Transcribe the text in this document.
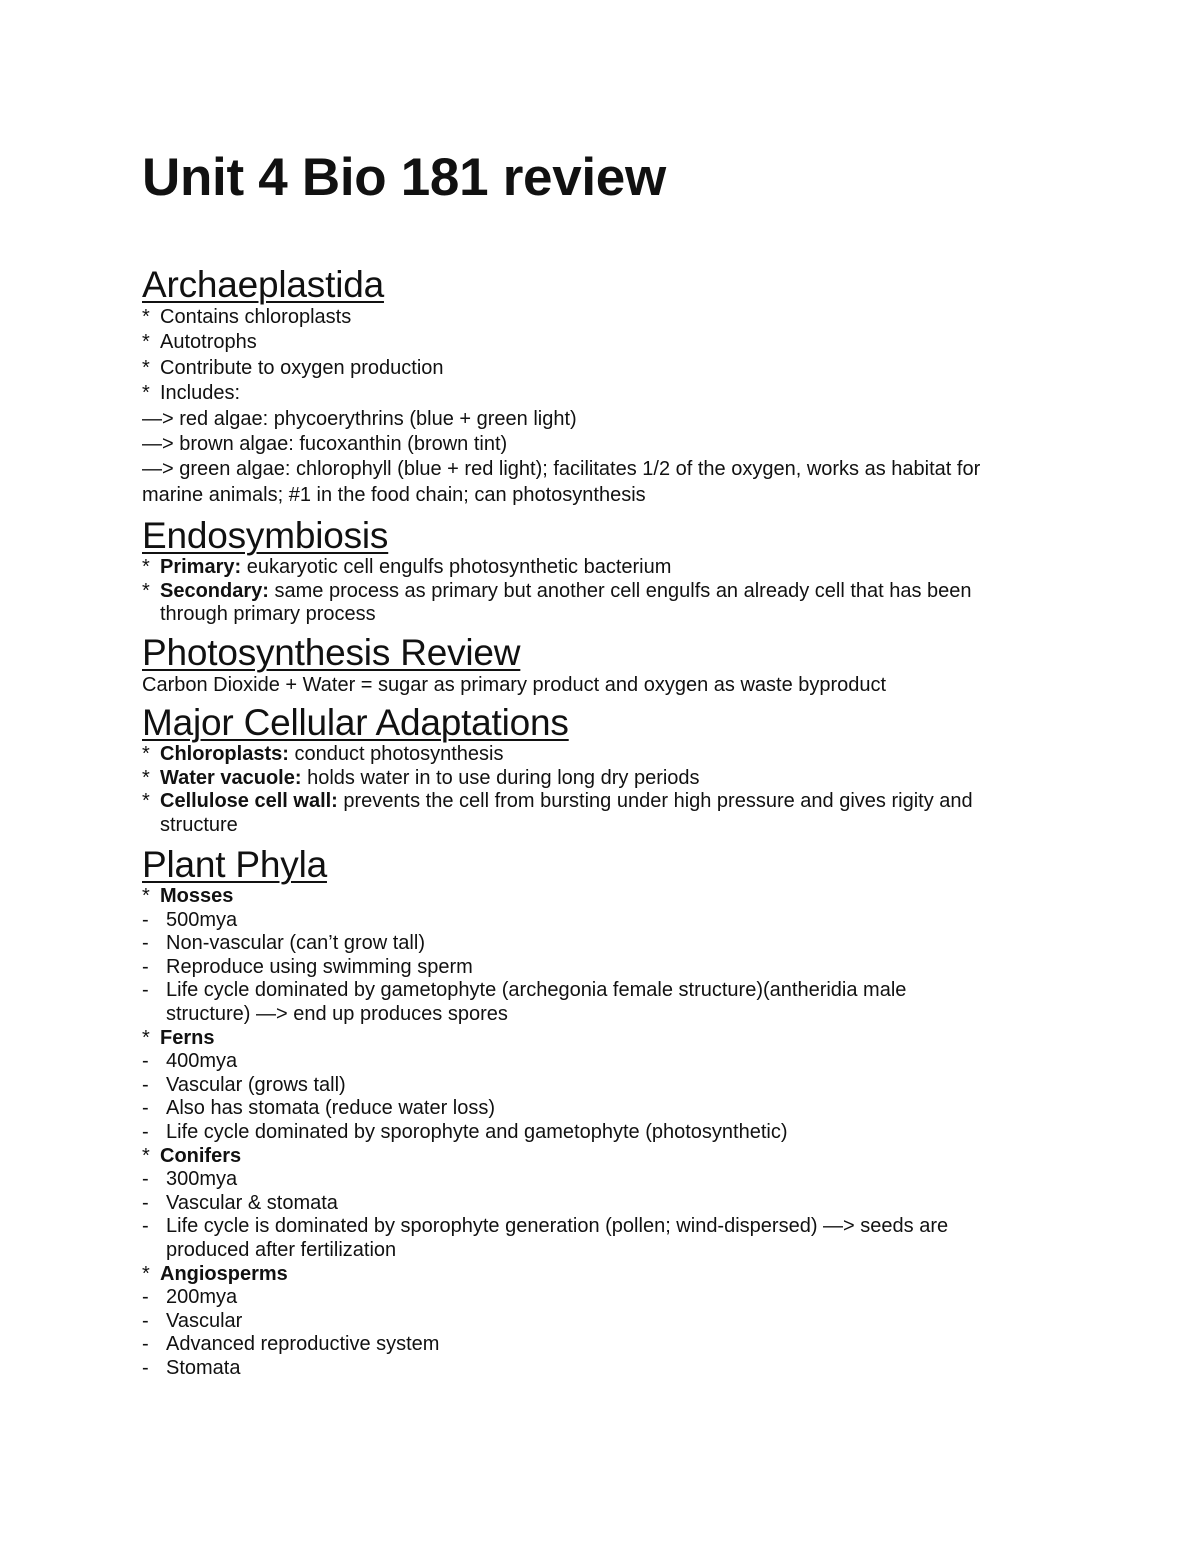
Unit 4 Bio 181 review
Archaeplastida
* Contains chloroplasts
* Autotrophs
* Contribute to oxygen production
* Includes:
—> red algae: phycoerythrins (blue + green light)
—> brown algae: fucoxanthin (brown tint)
—> green algae: chlorophyll (blue + red light); facilitates 1/2 of the oxygen, works as habitat for
marine animals; #1 in the food chain; can photosynthesis
Endosymbiosis
* Primary: eukaryotic cell engulfs photosynthetic bacterium
* Secondary: same process as primary but another cell engulfs an already cell that has been
through primary process
Photosynthesis Review
Carbon Dioxide + Water = sugar as primary product and oxygen as waste byproduct
Major Cellular Adaptations
* Chloroplasts: conduct photosynthesis
* Water vacuole: holds water in to use during long dry periods
* Cellulose cell wall: prevents the cell from bursting under high pressure and gives rigity and
structure
Plant Phyla
* Mosses
- 500mya
- Non-vascular (can’t grow tall)
- Reproduce using swimming sperm
- Life cycle dominated by gametophyte (archegonia female structure)(antheridia male
structure) —> end up produces spores
* Ferns
- 400mya
- Vascular (grows tall)
- Also has stomata (reduce water loss)
- Life cycle dominated by sporophyte and gametophyte (photosynthetic)
* Conifers
- 300mya
- Vascular & stomata
- Life cycle is dominated by sporophyte generation (pollen; wind-dispersed) —> seeds are
produced after fertilization
* Angiosperms
- 200mya
- Vascular
- Advanced reproductive system
- Stomata
